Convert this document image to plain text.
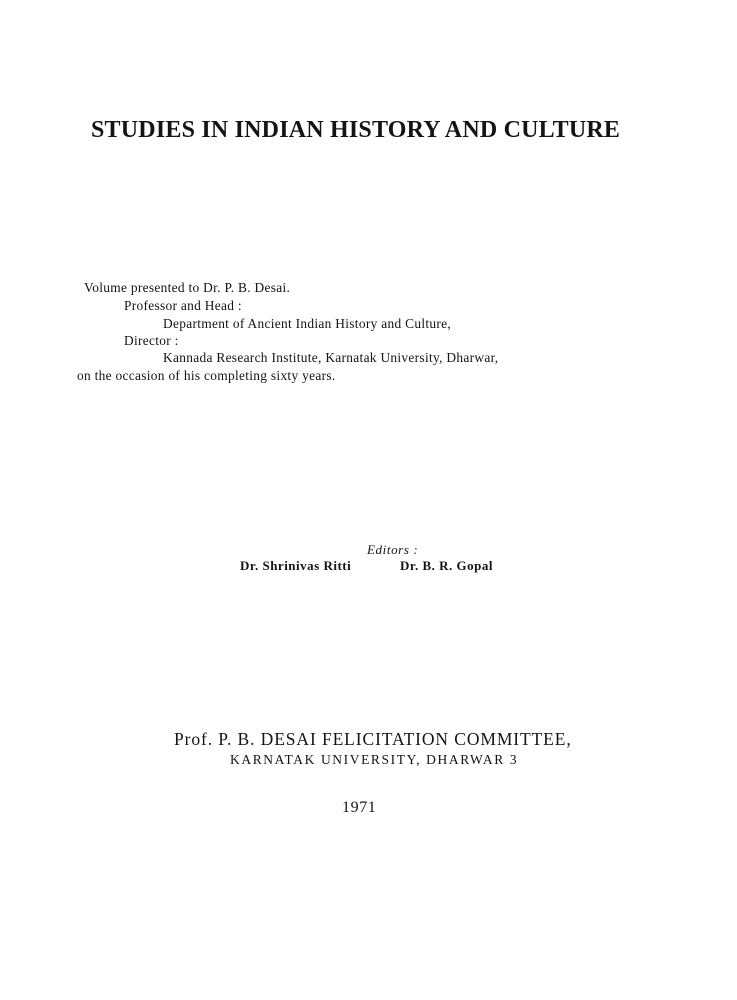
STUDIES IN INDIAN HISTORY AND CULTURE
Volume presented to Dr. P. B. Desai.
Professor and Head :
Department of Ancient Indian History and Culture,
Director :
Kannada Research Institute, Karnatak University, Dharwar,
on the occasion of his completing sixty years.
Editors :
Dr. Shrinivas Ritti	Dr. B. R. Gopal
Prof. P. B. DESAI FELICITATION COMMITTEE,
KARNATAK UNIVERSITY, DHARWAR 3
1971
